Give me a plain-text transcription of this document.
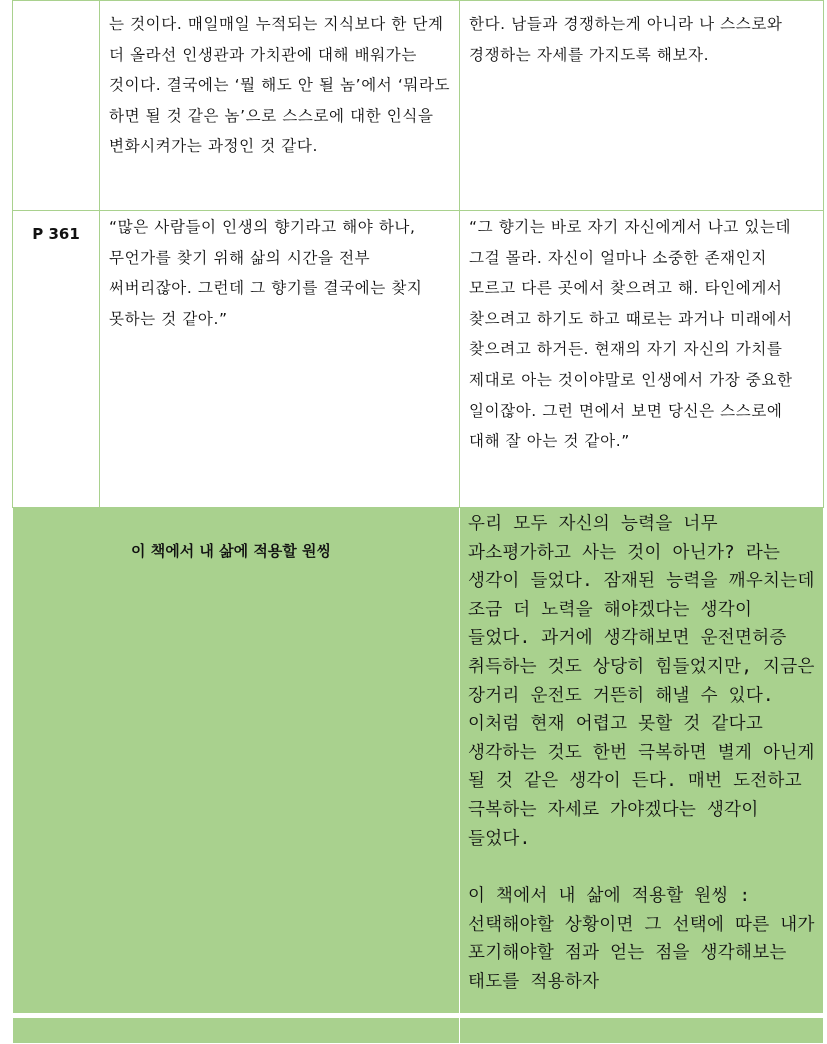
	는 것이다. 매일매일 누적되는 지식보다 한 단계 더 올라선 인생관과 가치관에 대해 배워가는 것이다. 결국에는 ‘뭘 해도 안 될 놈’에서 ‘뭐라도 하면 될 것 같은 놈’으로 스스로에 대한 인식을 변화시켜가는 과정인 것 같다.	한다. 남들과 경쟁하는게 아니라 나 스스로와 경쟁하는 자세를 가지도록 해보자.

P 361	“많은 사람들이 인생의 향기라고 해야 하나, 무언가를 찾기 위해 삶의 시간을 전부 써버리잖아. 그런데 그 향기를 결국에는 찾지 못하는 것 같아.”	“그 향기는 바로 자기 자신에게서 나고 있는데 그걸 몰라. 자신이 얼마나 소중한 존재인지 모르고 다른 곳에서 찾으려고 해. 타인에게서 찾으려고 하기도 하고 때로는 과거나 미래에서 찾으려고 하거든. 현재의 자기 자신의 가치를 제대로 아는 것이야말로 인생에서 가장 중요한 일이잖아. 그런 면에서 보면 당신은 스스로에 대해 잘 아는 것 같아.”

이 책에서 내 삶에 적용할 원씽		우리 모두 자신의 능력을 너무 과소평가하고 사는 것이 아닌가? 라는 생각이 들었다. 잠재된 능력을 깨우치는데 조금 더 노력을 해야겠다는 생각이 들었다. 과거에 생각해보면 운전면허증 취득하는 것도 상당히 힘들었지만, 지금은 장거리 운전도 거뜬히 해낼 수 있다. 이처럼 현재 어렵고 못할 것 같다고 생각하는 것도 한번 극복하면 별게 아닌게 될 것 같은 생각이 든다. 매번 도전하고 극복하는 자세로 가야겠다는 생각이 들었다.

이 책에서 내 삶에 적용할 원씽 : 선택해야할 상황이면 그 선택에 따른 내가 포기해야할 점과 얻는 점을 생각해보는 태도를 적용하자
